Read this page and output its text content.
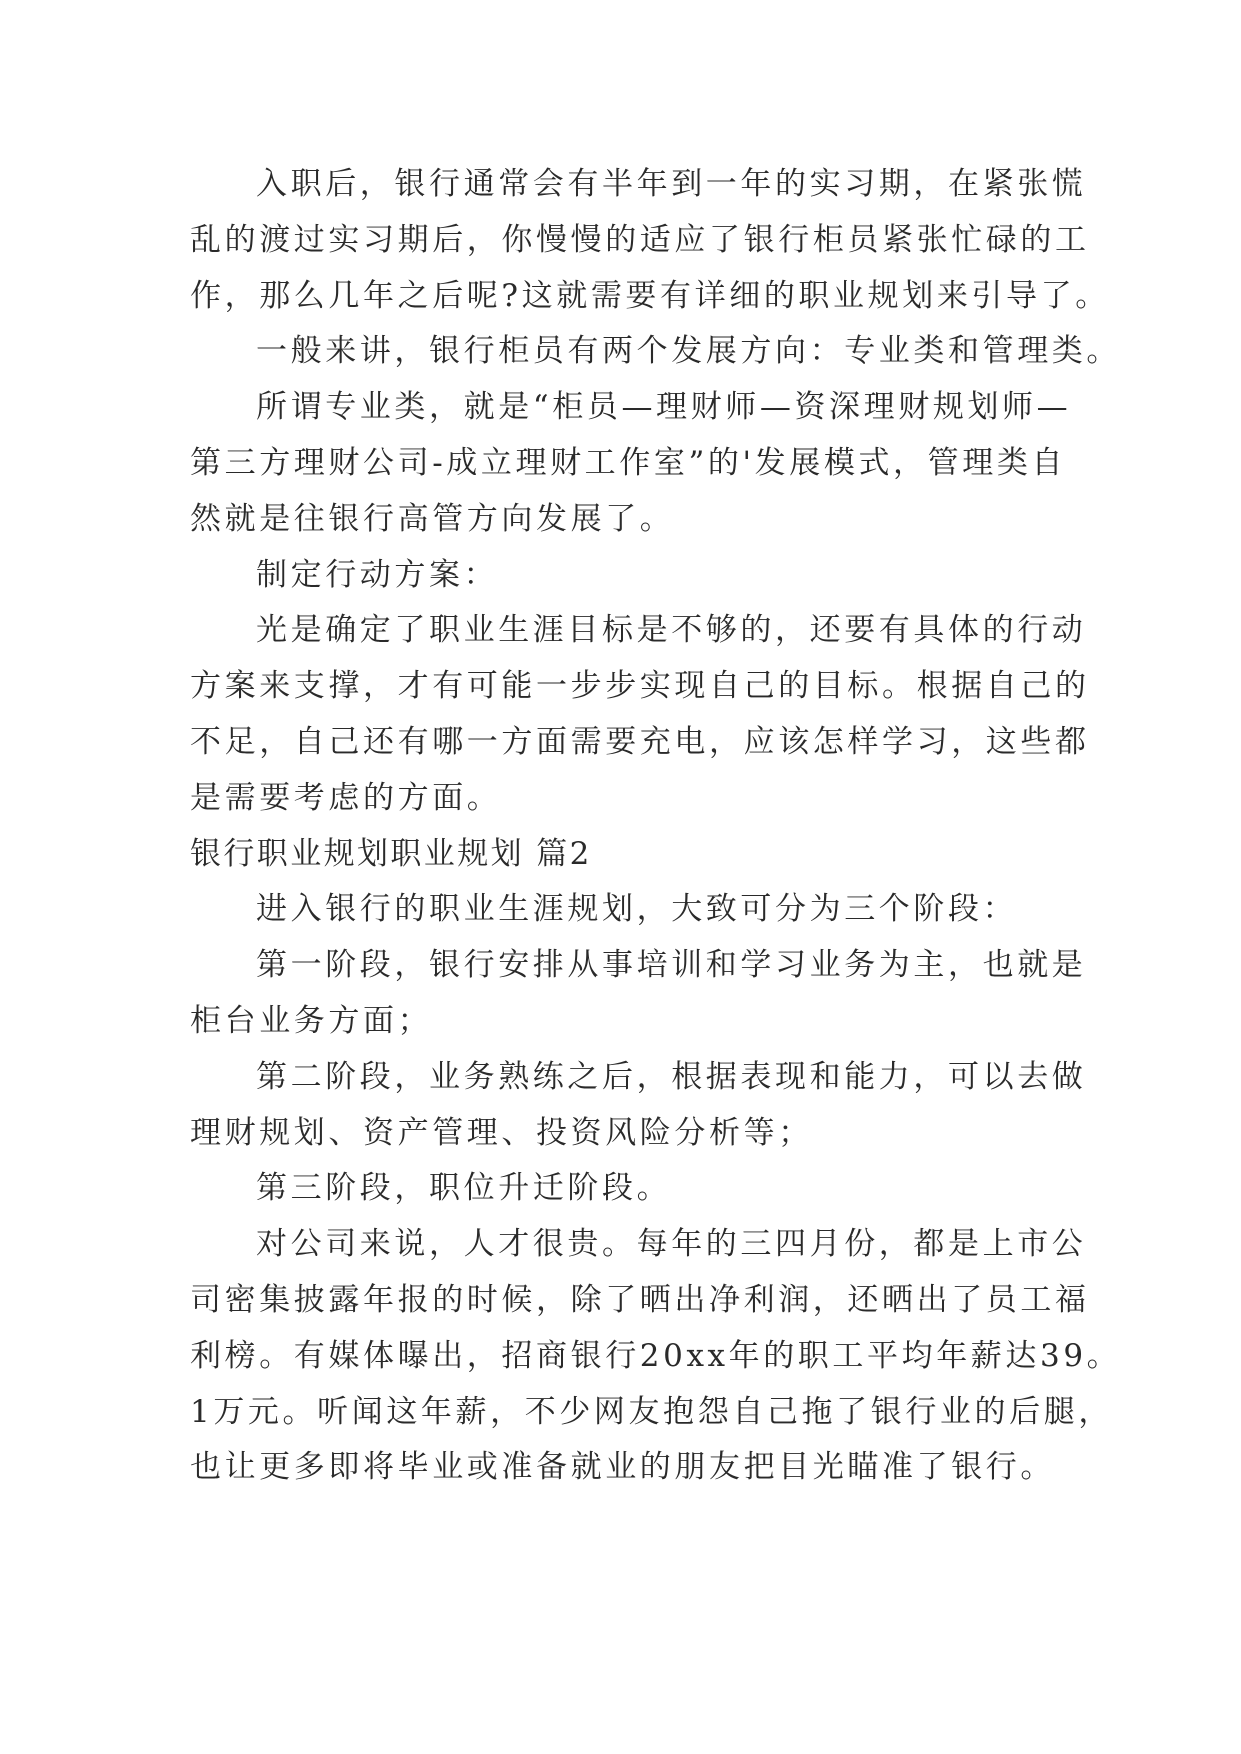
入职后，银行通常会有半年到一年的实习期，在紧张慌
乱的渡过实习期后，你慢慢的适应了银行柜员紧张忙碌的工
作，那么几年之后呢?这就需要有详细的职业规划来引导了。
一般来讲，银行柜员有两个发展方向：专业类和管理类。
所谓专业类，就是“柜员—理财师—资深理财规划师—
第三方理财公司-成立理财工作室”的'发展模式，管理类自
然就是往银行高管方向发展了。
制定行动方案：
光是确定了职业生涯目标是不够的，还要有具体的行动
方案来支撑，才有可能一步步实现自己的目标。根据自己的
不足，自己还有哪一方面需要充电，应该怎样学习，这些都
是需要考虑的方面。
银行职业规划职业规划 篇2
进入银行的职业生涯规划，大致可分为三个阶段：
第一阶段，银行安排从事培训和学习业务为主，也就是
柜台业务方面；
第二阶段，业务熟练之后，根据表现和能力，可以去做
理财规划、资产管理、投资风险分析等；
第三阶段，职位升迁阶段。
对公司来说，人才很贵。每年的三四月份，都是上市公
司密集披露年报的时候，除了晒出净利润，还晒出了员工福
利榜。有媒体曝出，招商银行20xx年的职工平均年薪达39。
1万元。听闻这年薪，不少网友抱怨自己拖了银行业的后腿，
也让更多即将毕业或准备就业的朋友把目光瞄准了银行。
